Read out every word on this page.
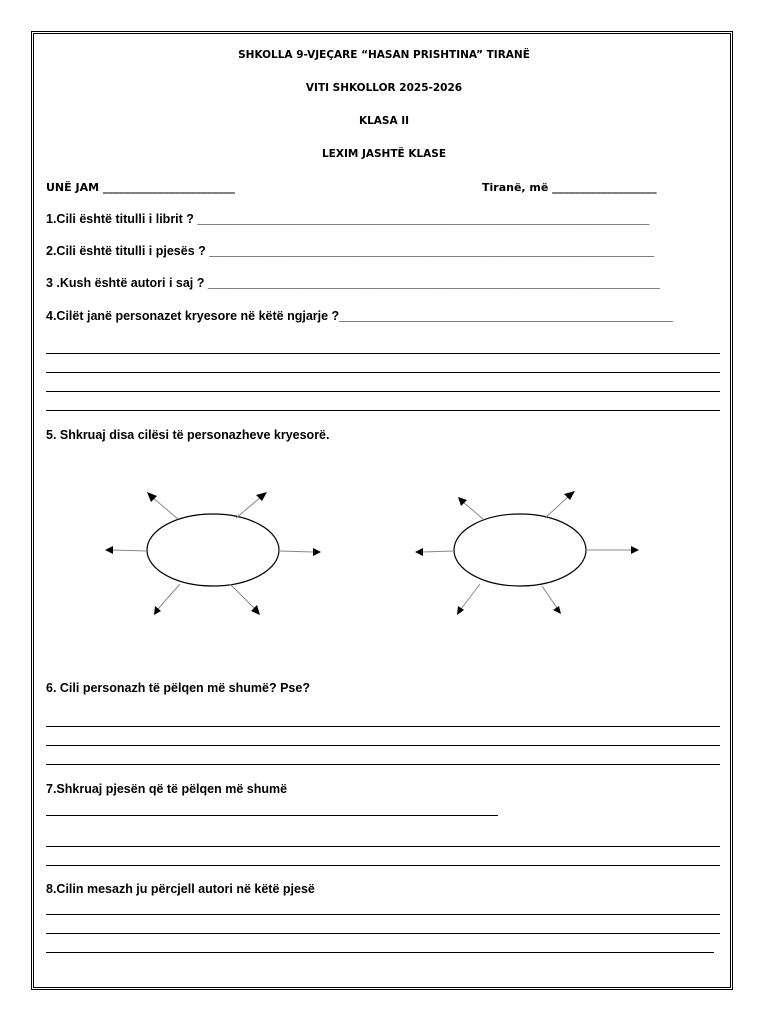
SHKOLLA 9-VJEÇARE “HASAN PRISHTINA” TIRANË
VITI SHKOLLOR 2025-2026
KLASA II
LEXIM JASHTË KLASE
UNË JAM ________________________	Tiranë, më ___________________
1.Cili është titulli i librit ? _________________________________________________________________
2.Cili është titulli i pjesës ? ________________________________________________________________
3 .Kush është autori i saj ? _________________________________________________________________
4.Cilët janë personazet kryesore në këtë ngjarje ?________________________________________________
5. Shkruaj disa cilësi të personazheve kryesorë.
6. Cili personazh të pëlqen më shumë? Pse?
7.Shkruaj pjesën që të pëlqen më shumë
8.Cilin mesazh ju përcjell autori në këtë pjesë
